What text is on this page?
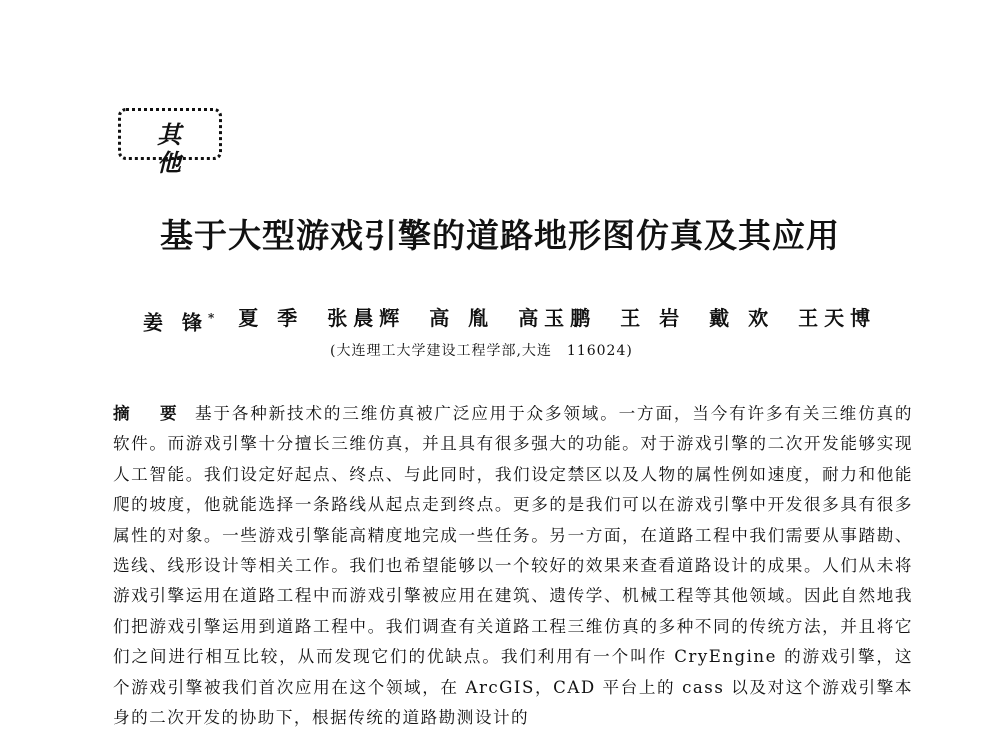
其 他
基于大型游戏引擎的道路地形图仿真及其应用
姜 锋* 夏 季 张晨辉 高 胤 高玉鹏 王 岩 戴 欢 王天博
(大连理工大学建设工程学部,大连　116024)
摘 要 基于各种新技术的三维仿真被广泛应用于众多领域。一方面，当今有许多有关三维仿真的软件。而游戏引擎十分擅长三维仿真，并且具有很多强大的功能。对于游戏引擎的二次开发能够实现人工智能。我们设定好起点、终点、与此同时，我们设定禁区以及人物的属性例如速度，耐力和他能爬的坡度，他就能选择一条路线从起点走到终点。更多的是我们可以在游戏引擎中开发很多具有很多属性的对象。一些游戏引擎能高精度地完成一些任务。另一方面，在道路工程中我们需要从事踏勘、选线、线形设计等相关工作。我们也希望能够以一个较好的效果来查看道路设计的成果。人们从未将游戏引擎运用在道路工程中而游戏引擎被应用在建筑、遗传学、机械工程等其他领域。因此自然地我们把游戏引擎运用到道路工程中。我们调查有关道路工程三维仿真的多种不同的传统方法，并且将它们之间进行相互比较，从而发现它们的优缺点。我们利用有一个叫作 CryEngine 的游戏引擎，这个游戏引擎被我们首次应用在这个领域，在 ArcGIS，CAD 平台上的 cass 以及对这个游戏引擎本身的二次开发的协助下，根据传统的道路勘测设计的
